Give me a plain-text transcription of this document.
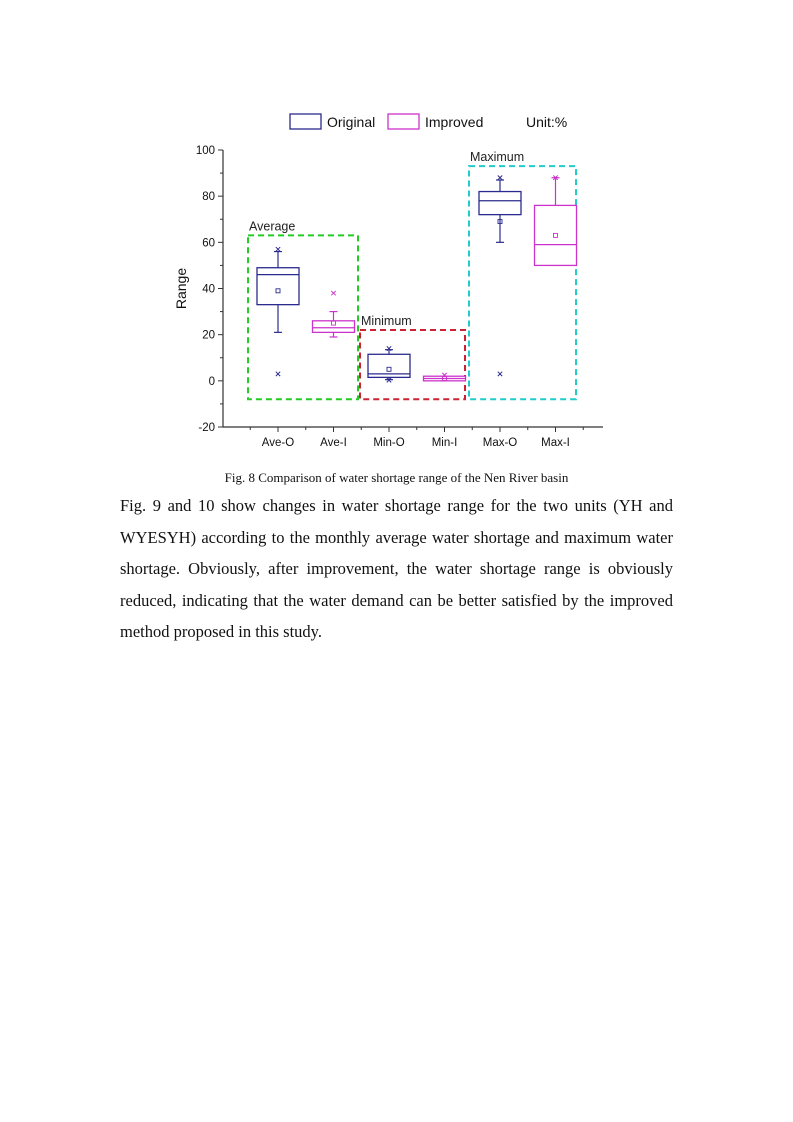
Average
Minimum
Maximum
-20
0
20
40
60
80
100
Range
Ave-O Ave-I Min-O Min-I Max-O Max-I
Original	Improved	Unit:%
Fig. 8 Comparison of water shortage range of the Nen River basin

Fig. 9 and 10 show changes in water shortage range for the two units (YH and WYESYH) according to the monthly average water shortage and maximum water shortage. Obviously, after improvement, the water shortage range is obviously reduced, indicating that the water demand can be better satisfied by the improved method proposed in this study.
